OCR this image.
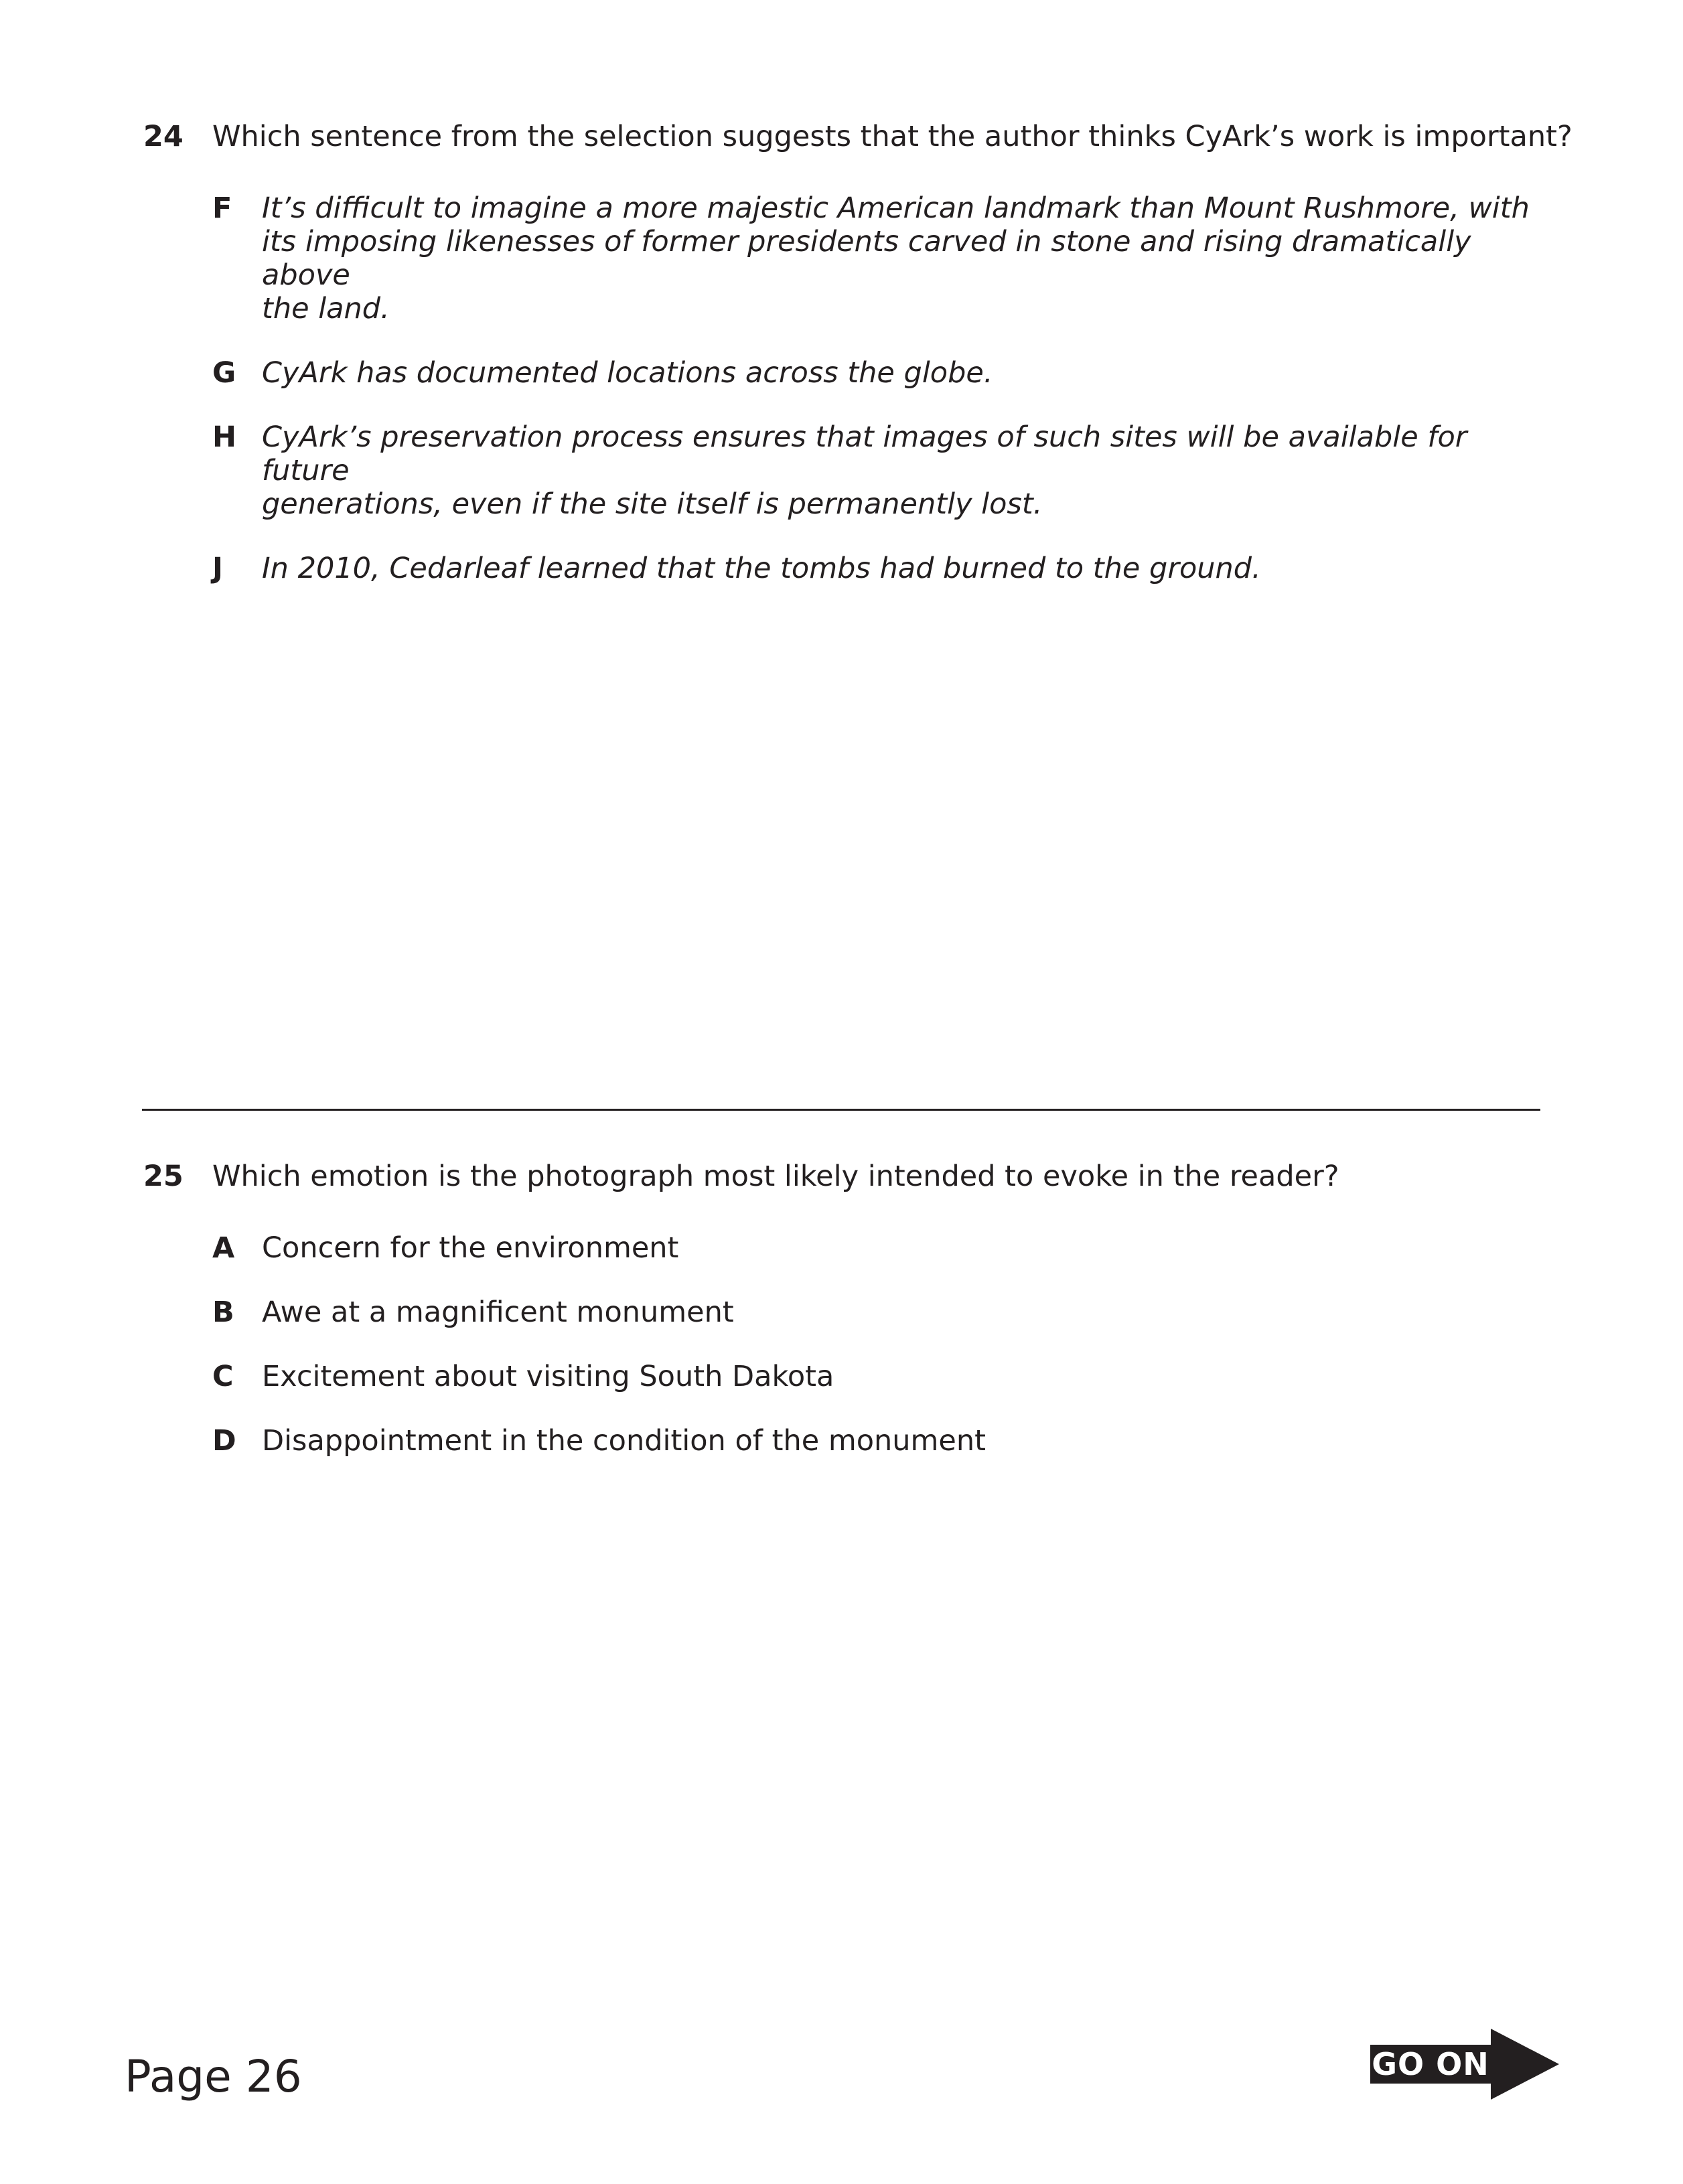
24	Which sentence from the selection suggests that the author thinks CyArk’s work is important?
F	It’s difficult to imagine a more majestic American landmark than Mount Rushmore, with
its imposing likenesses of former presidents carved in stone and rising dramatically above
the land.
G CyArk has documented locations across the globe.
H CyArk’s preservation process ensures that images of such sites will be available for future
generations, even if the site itself is permanently lost.
J	In 2010, Cedarleaf learned that the tombs had burned to the ground.
25	Which emotion is the photograph most likely intended to evoke in the reader?
A Concern for the environment
B Awe at a magnificent monument
C Excitement about visiting South Dakota
D Disappointment in the condition of the monument
Page 26	GO ON
